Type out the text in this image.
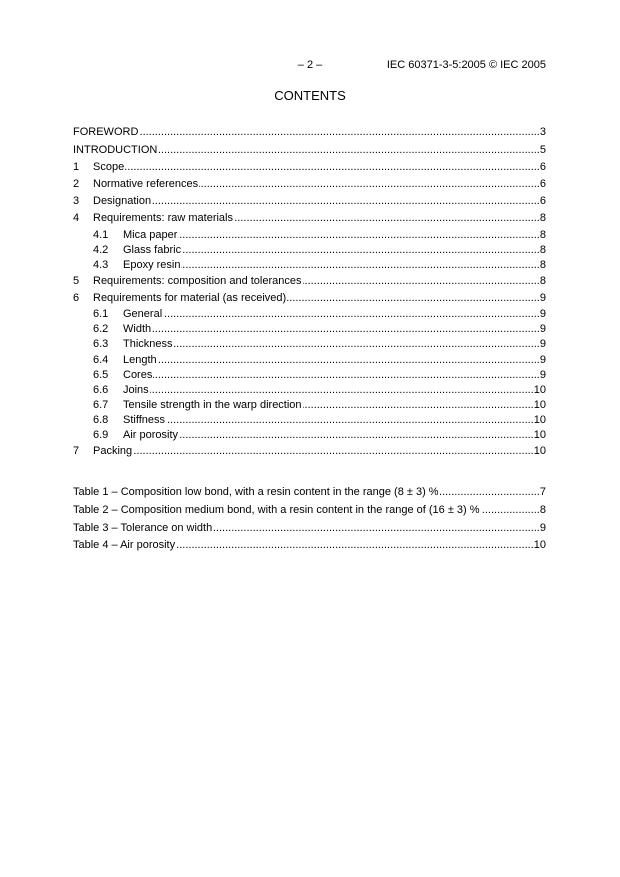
– 2 –	IEC 60371-3-5:2005 © IEC 2005
CONTENTS
FOREWORD .....	3
INTRODUCTION .....	5
1	Scope .....	6
2	Normative references .....	6
3	Designation .....	6
4	Requirements: raw materials .....	8
4.1	Mica paper .....	8
4.2	Glass fabric .....	8
4.3	Epoxy resin .....	8
5	Requirements: composition and tolerances .....	8
6	Requirements for material (as received) .....	9
6.1	General .....	9
6.2	Width .....	9
6.3	Thickness .....	9
6.4	Length .....	9
6.5	Cores .....	9
6.6	Joins .....	10
6.7	Tensile strength in the warp direction .....	10
6.8	Stiffness .....	10
6.9	Air porosity .....	10
7	Packing .....	10
Table 1 – Composition low bond, with a resin content in the range (8 ± 3) % .....	7
Table 2 – Composition medium bond, with a resin content in the range of (16 ± 3) % .....	8
Table 3 – Tolerance on width .....	9
Table 4 – Air porosity .....	10
